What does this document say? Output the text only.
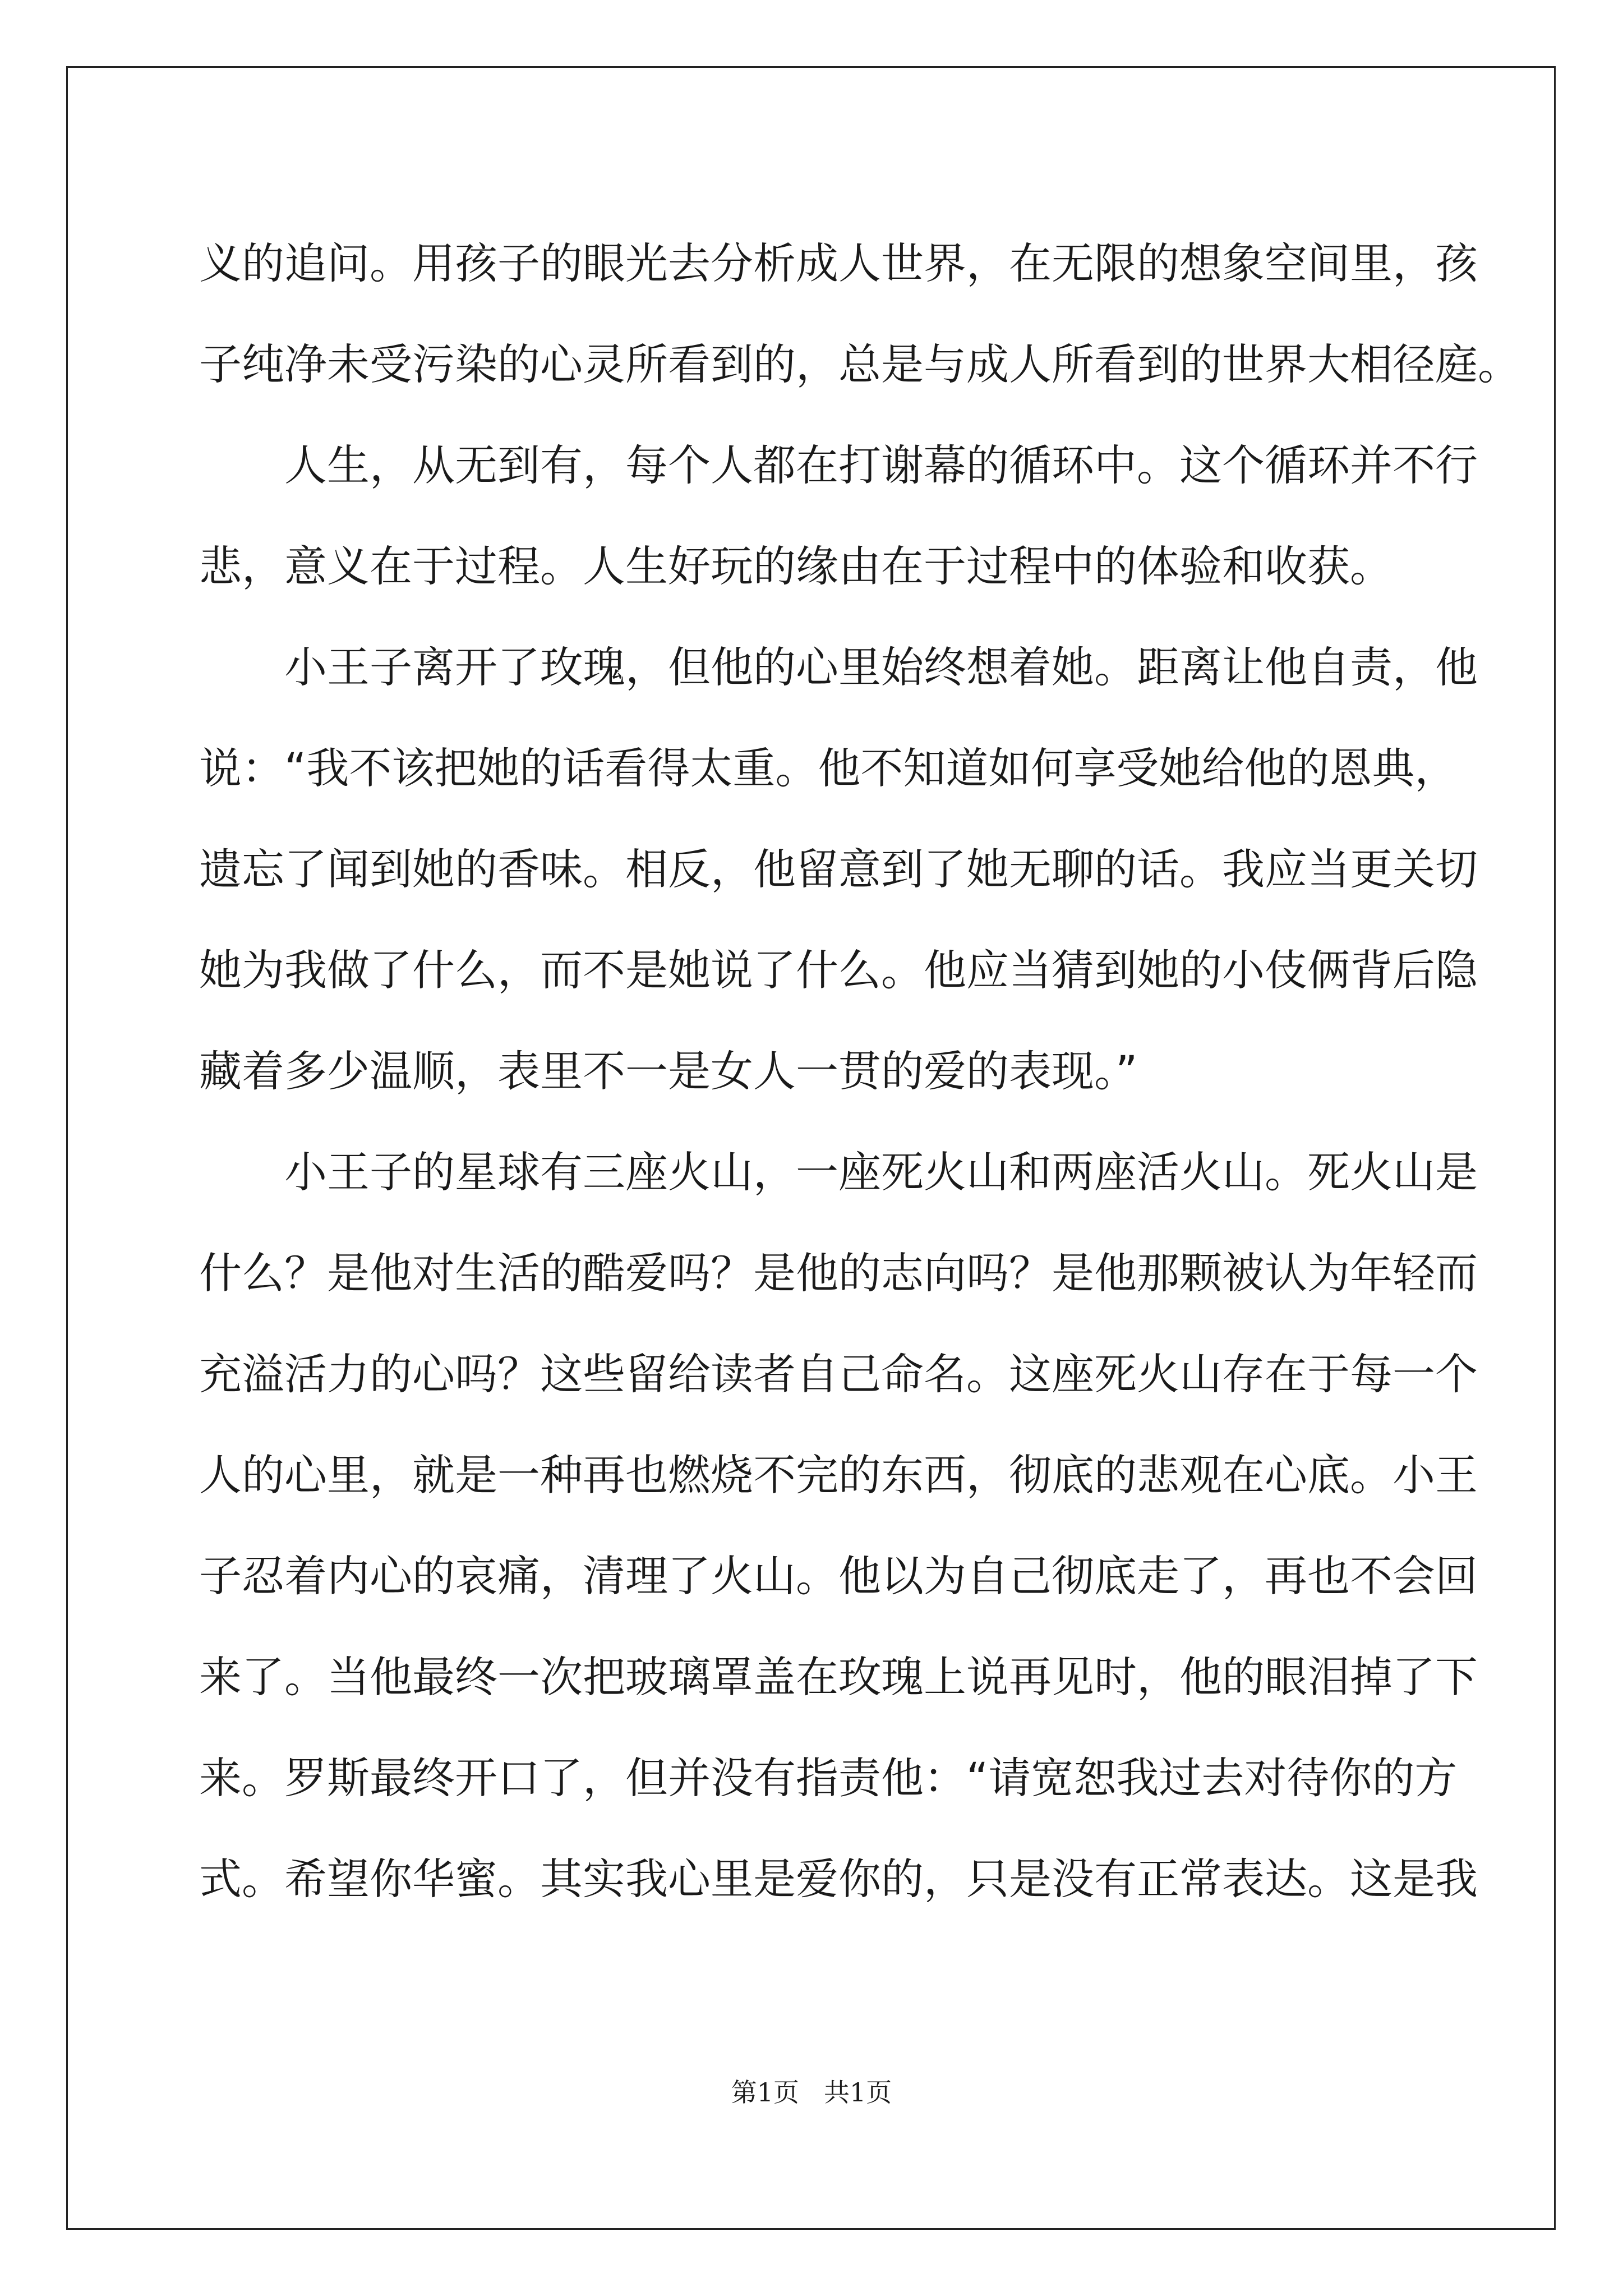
义的追问。用孩子的眼光去分析成人世界，在无限的想象空间里，孩
子纯净未受污染的心灵所看到的，总是与成人所看到的世界大相径庭。
人生，从无到有，每个人都在打谢幕的循环中。这个循环并不行
悲，意义在于过程。人生好玩的缘由在于过程中的体验和收获。
小王子离开了玫瑰，但他的心里始终想着她。距离让他自责，他
说：“我不该把她的话看得太重。他不知道如何享受她给他的恩典，
遗忘了闻到她的香味。相反，他留意到了她无聊的话。我应当更关切
她为我做了什么，而不是她说了什么。他应当猜到她的小伎俩背后隐
藏着多少温顺，表里不一是女人一贯的爱的表现。”
小王子的星球有三座火山，一座死火山和两座活火山。死火山是
什么？是他对生活的酷爱吗？是他的志向吗？是他那颗被认为年轻而
充溢活力的心吗？这些留给读者自己命名。这座死火山存在于每一个
人的心里，就是一种再也燃烧不完的东西，彻底的悲观在心底。小王
子忍着内心的哀痛，清理了火山。他以为自己彻底走了，再也不会回
来了。当他最终一次把玻璃罩盖在玫瑰上说再见时，他的眼泪掉了下
来。罗斯最终开口了，但并没有指责他：“请宽恕我过去对待你的方
式。希望你华蜜。其实我心里是爱你的，只是没有正常表达。这是我
第1页 共1页
